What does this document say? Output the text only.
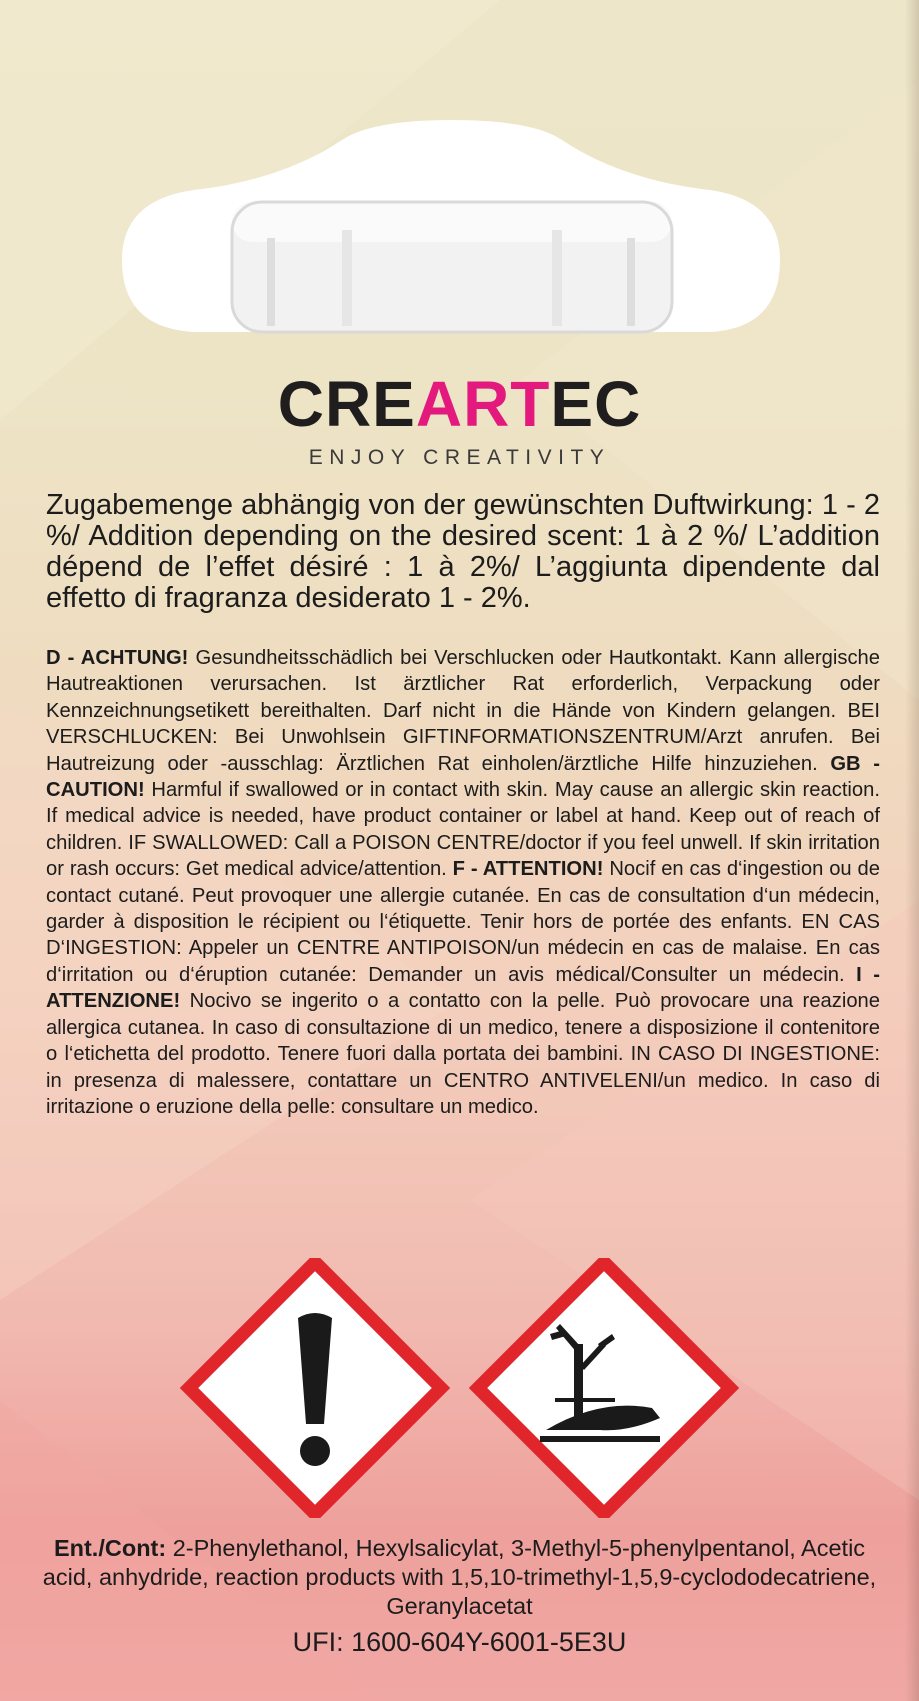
CREARTEC
ENJOY CREATIVITY
Zugabemenge abhängig von der gewünschten Duftwirkung: 1 - 2 %/ Addition depending on the desired scent: 1 à 2 %/ L’addition dépend de l’effet désiré : 1 à 2%/ L’aggiunta dipendente dal effetto di fragranza desiderato 1 - 2%.
D - ACHTUNG! Gesundheitsschädlich bei Verschlucken oder Hautkontakt. Kann allergische Hautreaktionen verursachen. Ist ärztlicher Rat erforderlich, Verpackung oder Kennzeichnungsetikett bereithalten. Darf nicht in die Hände von Kindern gelangen. BEI VERSCHLUCKEN: Bei Unwohlsein GIFTINFORMATIONSZENTRUM/Arzt anrufen. Bei Hautreizung oder -ausschlag: Ärztlichen Rat einholen/ärztliche Hilfe hinzuziehen. GB - CAUTION! Harmful if swallowed or in contact with skin. May cause an allergic skin reaction. If medical advice is needed, have product container or label at hand. Keep out of reach of children. IF SWALLOWED: Call a POISON CENTRE/doctor if you feel unwell. If skin irritation or rash occurs: Get medical advice/attention. F - ATTENTION! Nocif en cas d‘ingestion ou de contact cutané. Peut provoquer une allergie cutanée. En cas de consultation d‘un médecin, garder à disposition le récipient ou l‘étiquette. Tenir hors de portée des enfants. EN CAS D‘INGESTION: Appeler un CENTRE ANTIPOISON/un médecin en cas de malaise. En cas d‘irritation ou d‘éruption cutanée: Demander un avis médical/Consulter un médecin. I - ATTENZIONE! Nocivo se ingerito o a contatto con la pelle. Può provocare una reazione allergica cutanea. In caso di consultazione di un medico, tenere a disposizione il contenitore o l‘etichetta del prodotto. Tenere fuori dalla portata dei bambini. IN CASO DI INGESTIONE: in presenza di malessere, contattare un CENTRO ANTIVELENI/un medico. In caso di irritazione o eruzione della pelle: consultare un medico.
Ent./Cont: 2-Phenylethanol, Hexylsalicylat, 3-Methyl-5-phenylpentanol, Acetic acid, anhydride, reaction products with 1,5,10-trimethyl-1,5,9-cyclododecatriene, Geranylacetat
UFI: 1600-604Y-6001-5E3U
